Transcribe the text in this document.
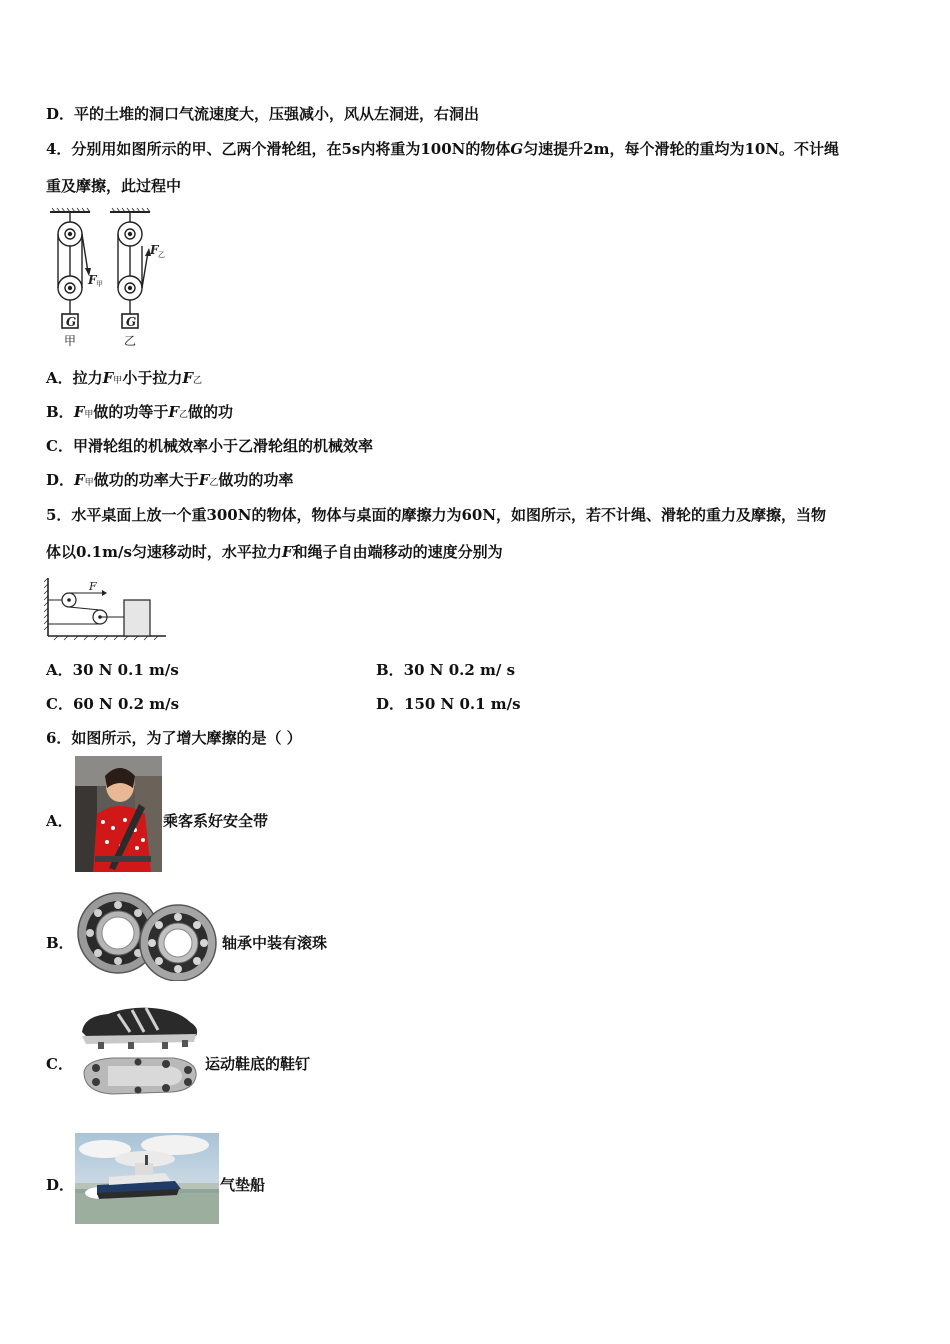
D．平的土堆的洞口气流速度大，压强减小，风从左洞进，右洞出
4．分别用如图所示的甲、乙两个滑轮组，在5s内将重为100N的物体G匀速提升2m，每个滑轮的重均为10N。不计绳
重及摩擦，此过程中
G
F 甲
甲
G
F 乙
乙
A．拉力F甲小于拉力F乙
B．F甲做的功等于F乙做的功
C．甲滑轮组的机械效率小于乙滑轮组的机械效率
D．F甲做功的功率大于F乙做功的功率
5．水平桌面上放一个重300N的物体，物体与桌面的摩擦力为60N，如图所示，若不计绳、滑轮的重力及摩擦，当物
体以0.1m/s匀速移动时，水平拉力F和绳子自由端移动的速度分别为
F
A．30 N 0.1 m/s	B．30 N 0.2 m/ s
C．60 N 0.2 m/s	D．150 N 0.1 m/s
6．如图所示，为了增大摩擦的是（ ）
A．	乘客系好安全带
B．	轴承中装有滚珠
C．	运动鞋底的鞋钉
D．	气垫船
